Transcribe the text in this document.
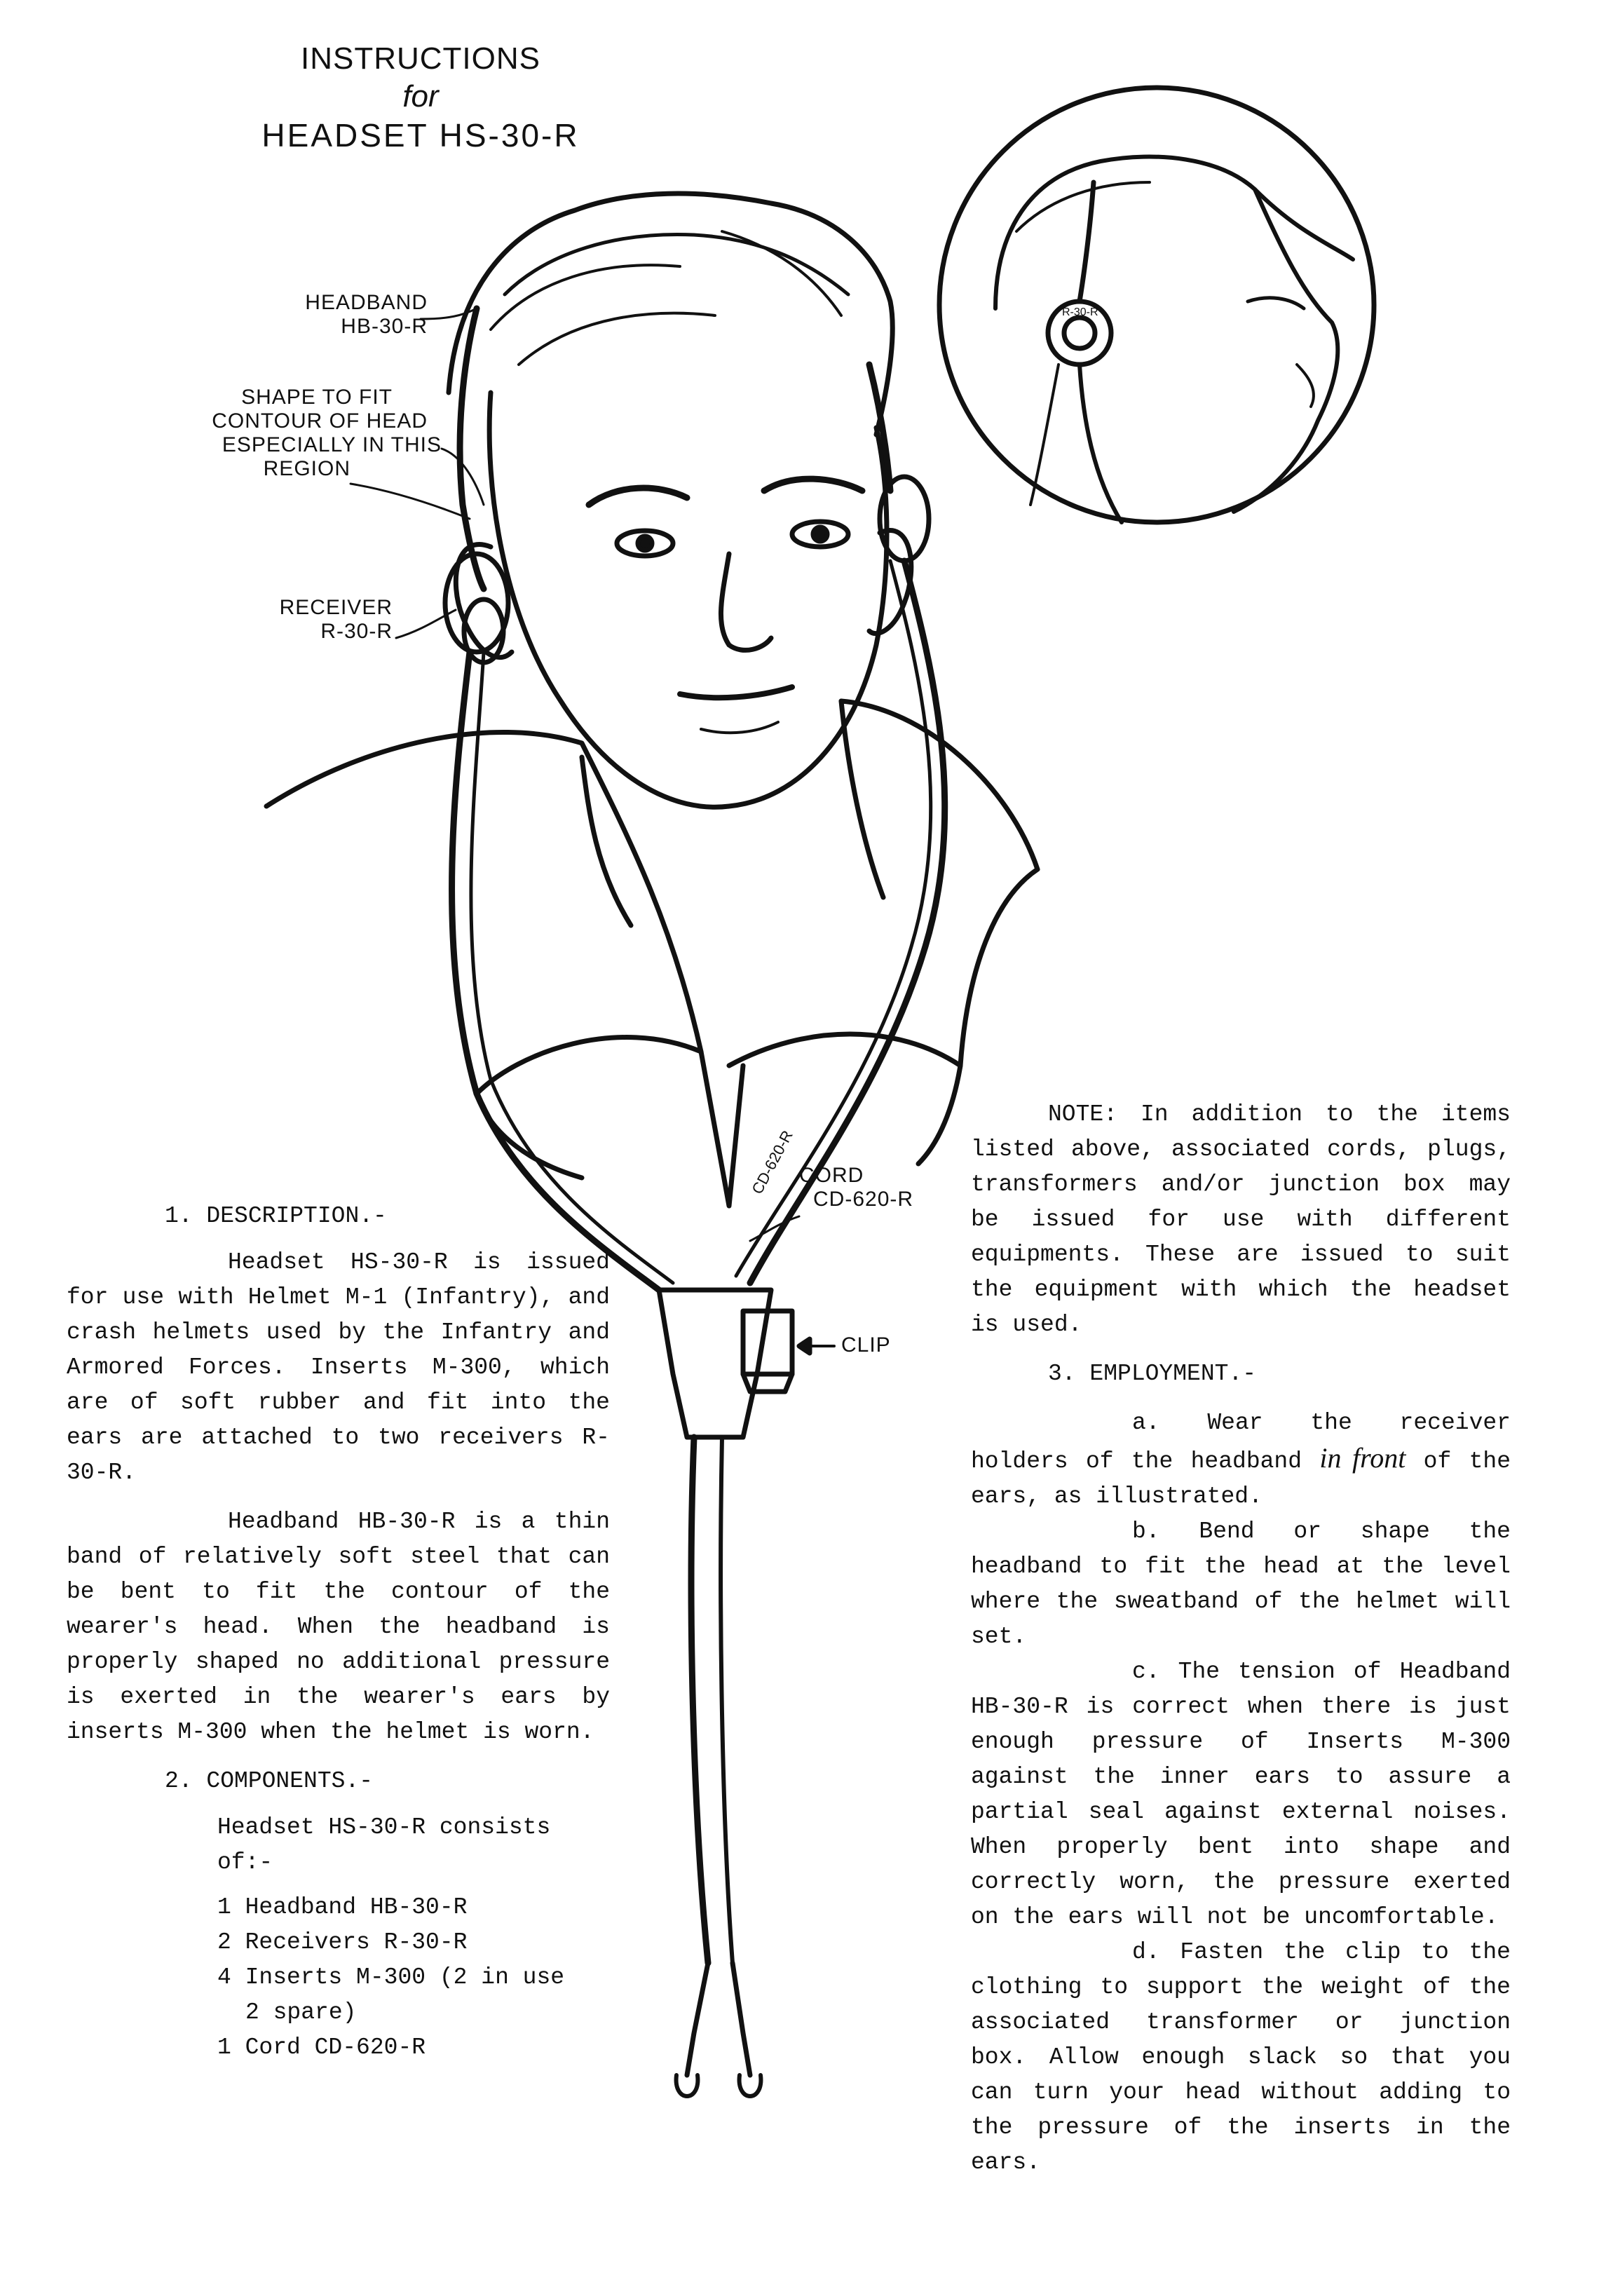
INSTRUCTIONS
for
HEADSET HS-30-R
CD-620-R
R-30-R
HEADBAND
HB-30-R
SHAPE TO FIT
CONTOUR OF HEAD
ESPECIALLY IN THIS
REGION
RECEIVER
R-30-R
CORD
CD-620-R
CLIP

1. DESCRIPTION.-

Headset HS-30-R is issued for use with Helmet M-1 (Infantry), and crash helmets used by the Infantry and Armored Forces. Inserts M-300, which are of soft rubber and fit into the ears are attached to two receivers R-30-R.

Headband HB-30-R is a thin band of relatively soft steel that can be bent to fit the contour of the wearer's head. When the headband is properly shaped no additional pressure is exerted in the wearer's ears by inserts M-300 when the helmet is worn.

2. COMPONENTS.-

Headset HS-30-R consists

of:-

1 Headband HB-30-R
2 Receivers R-30-R
4 Inserts M-300 (2 in use
2 spare)
1 Cord CD-620-R

NOTE: In addition to the items listed above, associated cords, plugs, transformers and/or junction box may be issued for use with different equipments. These are issued to suit the equipment with which the headset is used.

3. EMPLOYMENT.-

a. Wear the receiver holders of the headband in front of the ears, as illustrated.

b. Bend or shape the headband to fit the head at the level where the sweatband of the helmet will set.

c. The tension of Headband HB-30-R is correct when there is just enough pressure of Inserts M-300 against the inner ears to assure a partial seal against external noises. When properly bent into shape and correctly worn, the pressure exerted on the ears will not be uncomfortable.

d. Fasten the clip to the clothing to support the weight of the associated transformer or junction box. Allow enough slack so that you can turn your head without adding to the pressure of the inserts in the ears.
